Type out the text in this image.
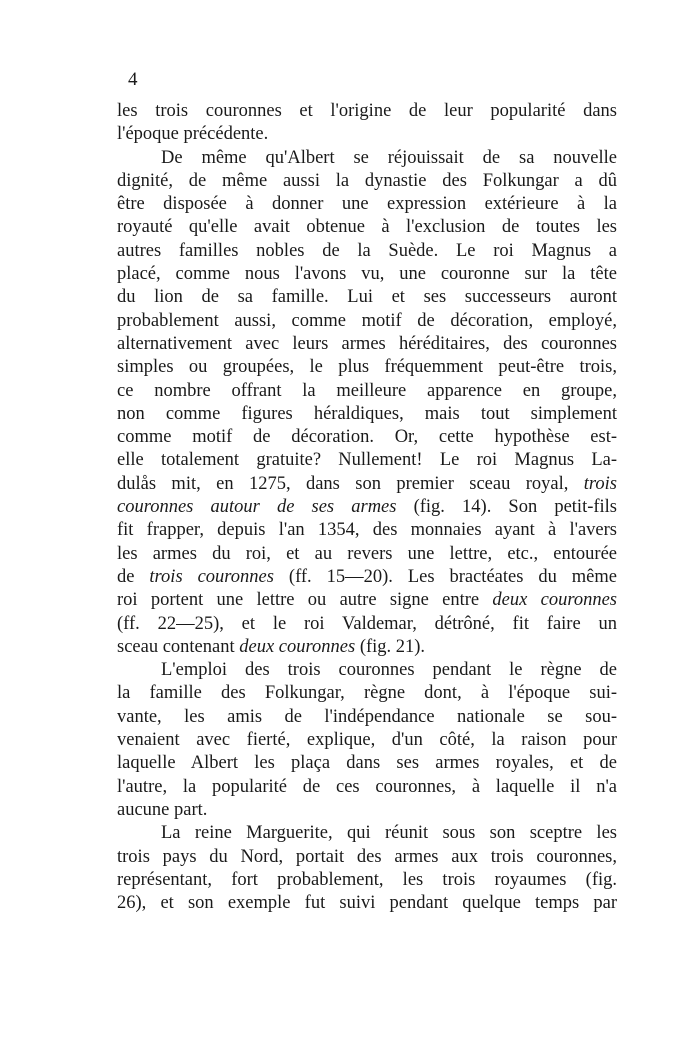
4
les trois couronnes et l'origine de leur popularité dans
l'époque précédente.
De même qu'Albert se réjouissait de sa nouvelle
dignité, de même aussi la dynastie des Folkungar a dû
être disposée à donner une expression extérieure à la
royauté qu'elle avait obtenue à l'exclusion de toutes les
autres familles nobles de la Suède. Le roi Magnus a
placé, comme nous l'avons vu, une couronne sur la tête
du lion de sa famille. Lui et ses successeurs auront
probablement aussi, comme motif de décoration, employé,
alternativement avec leurs armes héréditaires, des couronnes
simples ou groupées, le plus fréquemment peut-être trois,
ce nombre offrant la meilleure apparence en groupe,
non comme figures héraldiques, mais tout simplement
comme motif de décoration. Or, cette hypothèse est-
elle totalement gratuite? Nullement! Le roi Magnus La-
dulås mit, en 1275, dans son premier sceau royal, trois
couronnes autour de ses armes (fig. 14). Son petit-fils
fit frapper, depuis l'an 1354, des monnaies ayant à l'avers
les armes du roi, et au revers une lettre, etc., entourée
de trois couronnes (ff. 15—20). Les bractéates du même
roi portent une lettre ou autre signe entre deux couronnes
(ff. 22—25), et le roi Valdemar, détrôné, fit faire un
sceau contenant deux couronnes (fig. 21).
L'emploi des trois couronnes pendant le règne de
la famille des Folkungar, règne dont, à l'époque sui-
vante, les amis de l'indépendance nationale se sou-
venaient avec fierté, explique, d'un côté, la raison pour
laquelle Albert les plaça dans ses armes royales, et de
l'autre, la popularité de ces couronnes, à laquelle il n'a
aucune part.
La reine Marguerite, qui réunit sous son sceptre les
trois pays du Nord, portait des armes aux trois couronnes,
représentant, fort probablement, les trois royaumes (fig.
26), et son exemple fut suivi pendant quelque temps par
